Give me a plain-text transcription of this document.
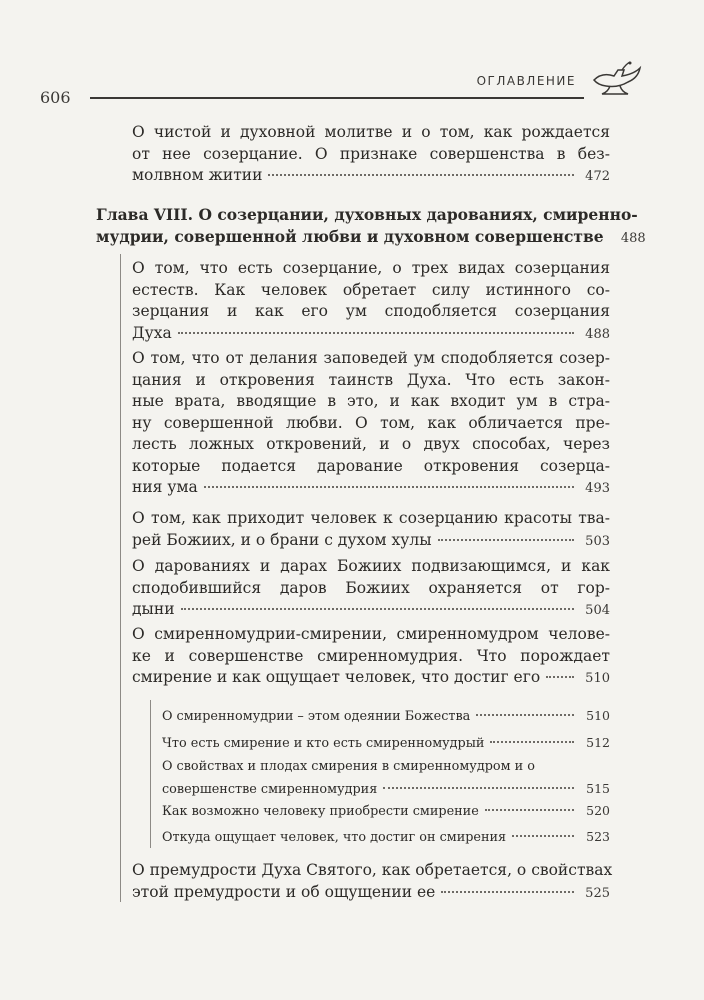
606
ОГЛАВЛЕНИЕ
О чистой и духовной молитве и о том, как рождается
от нее созерцание. О признаке совершенства в без-
молвном житии	472
Глава VIII. О созерцании, духовных дарованиях, смиренно-
мудрии, совершенной любви и духовном совершенстве	488
О том, что есть созерцание, о трех видах созерцания
естеств. Как человек обретает силу истинного со-
зерцания и как его ум сподобляется созерцания
Духа	488
О том, что от делания заповедей ум сподобляется созер-
цания и откровения таинств Духа. Что есть закон-
ные врата, вводящие в это, и как входит ум в стра-
ну совершенной любви. О том, как обличается пре-
лесть ложных откровений, и о двух способах, через
которые подается дарование откровения созерца-
ния ума	493
О том, как приходит человек к созерцанию красоты тва-
рей Божиих, и о брани с духом хулы	503
О дарованиях и дарах Божиих подвизающимся, и как
сподобившийся даров Божиих охраняется от гор-
дыни	504
О смиренномудрии-смирении, смиренномудром челове-
ке и совершенстве смиренномудрия. Что порождает
смирение и как ощущает человек, что достиг его	510
О смиренномудрии – этом одеянии Божества	510
Что есть смирение и кто есть смиренномудрый	512
О свойствах и плодах смирения в смиренномудром и о
совершенстве смиренномудрия	515
Как возможно человеку приобрести смирение	520
Откуда ощущает человек, что достиг он смирения	523
О премудрости Духа Святого, как обретается, о свойствах
этой премудрости и об ощущении ее	525
